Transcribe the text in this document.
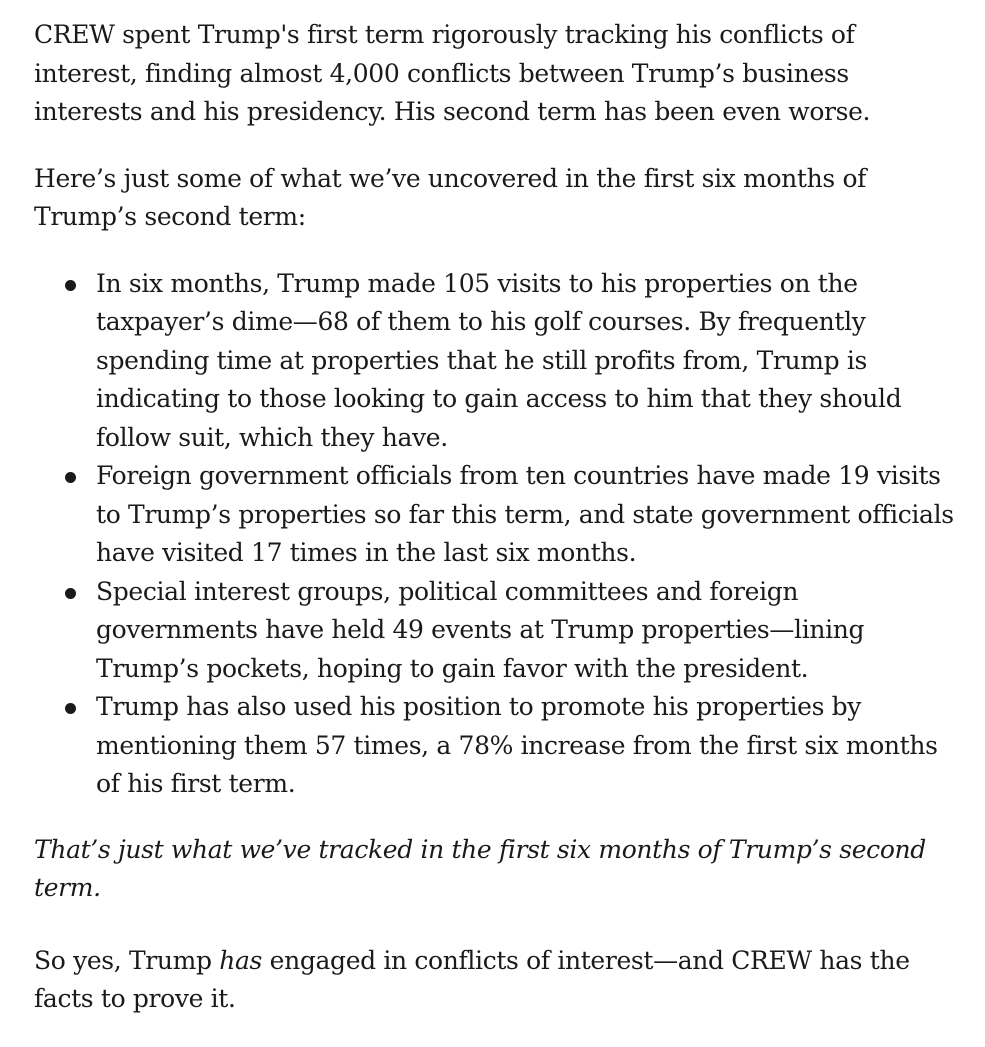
CREW spent Trump's first term rigorously tracking his conflicts of interest, finding almost 4,000 conflicts between Trump’s business interests and his presidency. His second term has been even worse.

Here’s just some of what we’ve uncovered in the first six months of Trump’s second term:

In six months, Trump made 105 visits to his properties on the taxpayer’s dime—68 of them to his golf courses. By frequently spending time at properties that he still profits from, Trump is indicating to those looking to gain access to him that they should follow suit, which they have.
Foreign government officials from ten countries have made 19 visits to Trump’s properties so far this term, and state government officials have visited 17 times in the last six months.
Special interest groups, political committees and foreign governments have held 49 events at Trump properties—lining Trump’s pockets, hoping to gain favor with the president.
Trump has also used his position to promote his properties by mentioning them 57 times, a 78% increase from the first six months of his first term.

That’s just what we’ve tracked in the first six months of Trump’s second term.

So yes, Trump has engaged in conflicts of interest—and CREW has the facts to prove it.
